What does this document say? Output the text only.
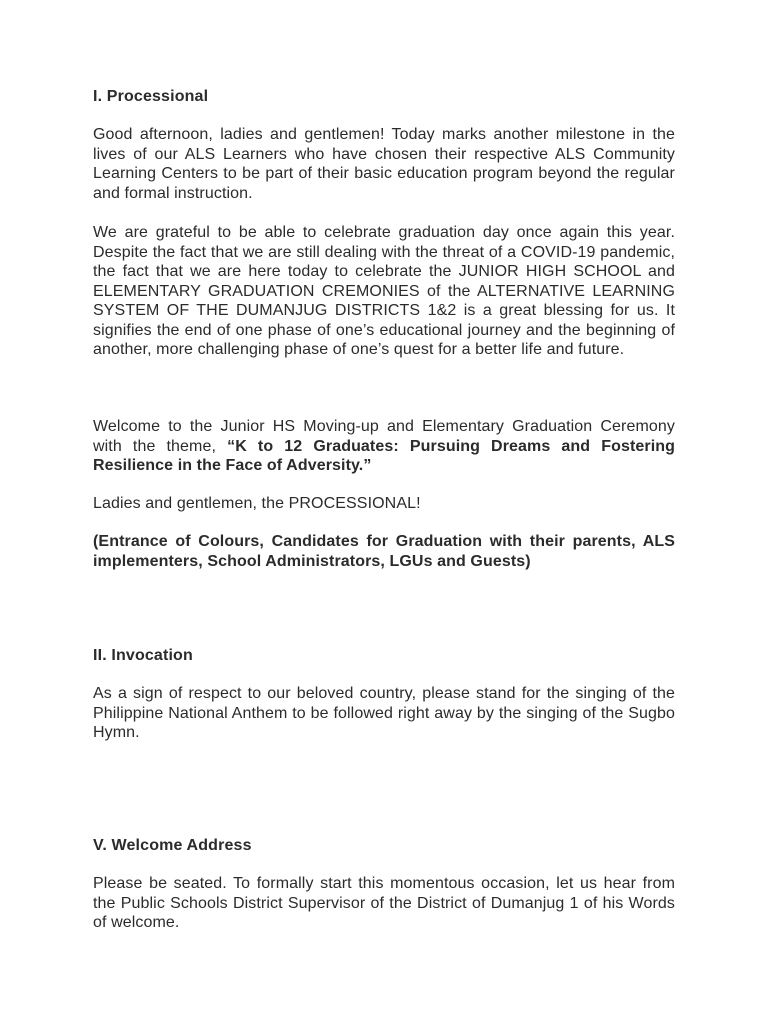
I. Processional

Good afternoon, ladies and gentlemen! Today marks another milestone in the lives of our ALS Learners who have chosen their respective ALS Community Learning Centers to be part of their basic education program beyond the regular and formal instruction.

We are grateful to be able to celebrate graduation day once again this year. Despite the fact that we are still dealing with the threat of a COVID-19 pandemic, the fact that we are here today to celebrate the JUNIOR HIGH SCHOOL and ELEMENTARY GRADUATION CREMONIES of the ALTERNATIVE LEARNING SYSTEM OF THE DUMANJUG DISTRICTS 1&2 is a great blessing for us. It signifies the end of one phase of one’s educational journey and the beginning of another, more challenging phase of one’s quest for a better life and future.

Welcome to the Junior HS Moving-up and Elementary Graduation Ceremony with the theme, “K to 12 Graduates: Pursuing Dreams and Fostering Resilience in the Face of Adversity.”

Ladies and gentlemen, the PROCESSIONAL!

(Entrance of Colours, Candidates for Graduation with their parents, ALS implementers, School Administrators, LGUs and Guests)

II. Invocation

As a sign of respect to our beloved country, please stand for the singing of the Philippine National Anthem to be followed right away by the singing of the Sugbo Hymn.

V. Welcome Address

Please be seated. To formally start this momentous occasion, let us hear from the Public Schools District Supervisor of the District of Dumanjug 1 of his Words of welcome.
